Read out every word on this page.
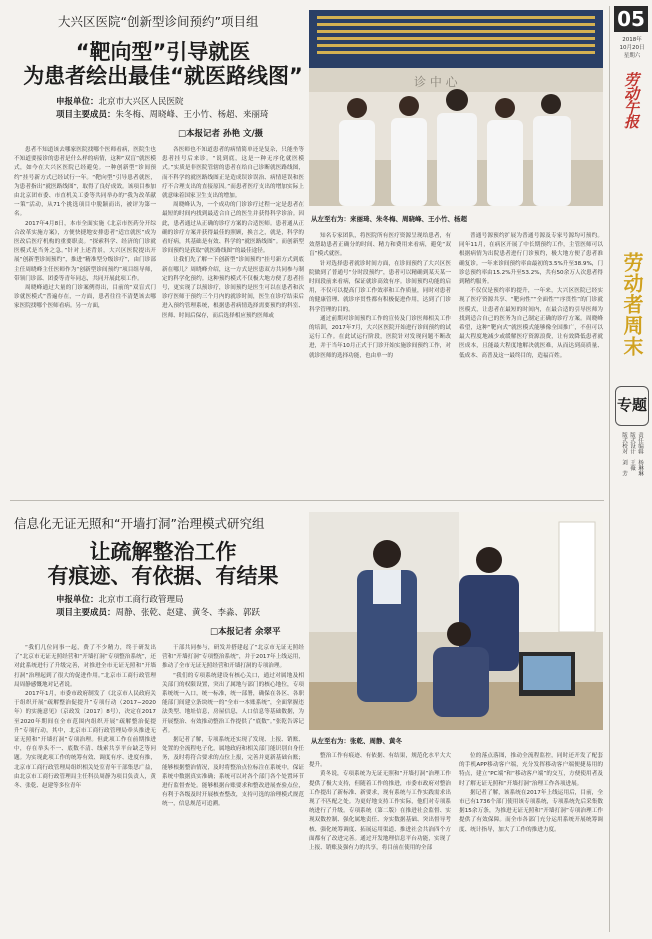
05
2018年
10月20日
星期六
劳动午报
劳动者周末
专题
责任编辑　杨琳琳
版式设计　王薇
版式校对　刘　芳
大兴区医院“创新型诊间预约”项目组
“靶向型”引导就医
为患者绘出最佳“就医路线图”
申报单位：北京市大兴区人民医院
项目主要成员：朱冬梅、周晓峰、王小竹、杨超、来丽琦
□本报记者 孙艳 文/摄
诊 中 心
从左至右为：来丽琦、朱冬梅、周晓峰、王小竹、杨超

患者不知道该去哪家医院找哪个医师看病，医院生也不知道要接诊的患者是什么样的病情，这种“双盲”就医模式，如今在大兴区医院已经避免。一种创新型“诊间预约”挂号新方式已经试行一年。“靶向型”引导患者就医，为患者指出“就医路线图”，取得了良好成效。该项目参加由北京团市委、市直机关工委等共同举办的“我为改革献一策”活动，从71个挑选项目中脱颖而出，被评为第一名。

2017年4月8日，本市全面实施《北京市医药分开综合改革实施方案》，方便快捷地安排患者“适宜就医”成为医改后医疗机构的重要职责。“探索科学、经济的门诊就医模式是当务之急。”针对上述背景，大兴区医院提出开展“创新型诊间预约”，推进“精准型分级诊疗”，由门诊部主任周晓峰主任医师作为“创新型诊间预约”项目组导师，带领门诊部、团委等青年同志，共同开展此项工作。

周晓峰通过大量的门诊案例得出，目前的“双盲式门诊就医模式”普遍存在，一方面，患者往往不清楚该去哪家医院找哪个医师看病。另一方面，

各医师也不知道患者的病情简单还是复杂，只能坐等患者挂号后来诊。“说到底，这是一种无序化就医模式。”实质是非医院管辖的患者在给自己诊断就医路线图，而不科学的就医路线图正是造成误诊误治、病情延误和医疗不合理支出的直接原因。”而患者医疗支出的增加实际上就意味着国家卫生支出的增加。

周晓峰认为，一个成功的门诊诊疗过程一定是患者在最短的时间内找到最适合自己的医生并获得科学诊治。因此，患者通过从正确的诊疗方案的合适医师。患者通从正确的诊疗方案并获得最佳的照顾，换言之，就是，科学的看好病，其基础是有效、科学的“就医路线图”。而创新型诊间预约是获取“就医路线图”的最佳途径。

让我们先了解一下创新型“诊间预约”挂号新方式到底新在哪儿？周晓峰介绍，这一方式是医患双方共同参与制定的科学化预约。这种预约模式不仅极大地方便了患者挂号，更实现了以预诊疗，诊间预约是医生可以在患者和次诊疗医师于预约三个月内的就诊时间，医生在诊疗结束后进入预约管理系统，根据患者病情选择需要预约的科室、医师、时间后保存，而后选择相应预约医师或

知名专家团队，将医院所有医疗资源呈现给患者，有效帮助患者正确分的时间、精力和费用来看病，避免“双盲”模式就医。

针对选择患者就诊时间方面，在诊间预约了大兴区医院做到了普通号“分时段预约”，患者可以精确到某天某一时间段前来看病，保证就诊高效有序。诊间预约功能的启用，不仅可以提高门诊工作效率和工作质量，同时对患者的健康管理、就诊序贯性都有积极促进作用，达到了门诊科学管理的目的。

通过前期对诊间预约工作的宣传及门诊医师相关工作的培训，2017年7月，大兴区医院开始进行诊间预约的试运行工作。在此试运行阶段，医院针对发现问题不断改进，并于当年10月正式于门诊开始实施诊间预约工作，对就诊医师的选择功能，也由单一的

普通号源预约扩展为普通号源及专家号源均可预约。同年11月，在病区开展了中长期预约工作，主管医师可以根据病情为出院患者进行门诊预约，极大地方便了患者准确复诊。一年来诊间预约率由最初的3.5%升至38.9%，门诊总预约率由15.2%升至53.2%，共有50余万人次患者得到精约服务。

不仅仅是预约率的提升，一年来，大兴区医院已经实现了医疗资源共享、“靶向性”“全面性”“序贯性”的门诊就医模式，让患者在最短的时间内，在最合适的引导医师为找到适合自己的医务为自己制定正确的诊疗方案。周晓峰希望，这种“靶向式”就医模式能够像全国推广，不但可以最大程度地减少或缓解医疗资源浪费，让有效降低患者就医成本，且能最大程度地解决就医难，从而达到高质量、低成本、高普及这一最终目的，造福百姓。

信息化无证无照和“开墙打洞”治理模式研究组
让疏解整治工作
有痕迹、有依据、有结果
申报单位：北京市工商行政管理局
项目主要成员：周静、张乾、赵建、黄冬、李淼、郭跃
□本报记者 余翠平
从左至右为：张乾、周静、黄冬

“我们几位同事一起，费了不少精力，终于研发出了“北京市无证无照经营和“开墙打洞”专项整治系统”，还对此系统进行了升级完善，对推进全市无证无照和“开墙打洞”治理起到了很大的促进作用。”北京市工商行政管理局周静感慨地对记者说。

2017年1月，市委市政府制发了《北京市人民政府关于组织开展“疏解整治促提升”专项行动（2017−2020年）的实施意见》（京政发〔2017〕8号），决定在2017至2020年期间在全市范围内组织开展“疏解整治促提升”专项行动，其中，北京市工商行政管理局牵头推进无证无照和“开墙打洞”专项治理。但此项工作在前期推进中，存在举头不一、底数不清、线索共享平台缺乏等问题。为实现此项工作的统筹有效、调度有序、进度有推，北京市工商行政管理局组织相关处室青年干部集思广益，由北京市工商行政管理局主任科员周静为项目负责人，黄冬、张乾、赵建等多位青年

干部共同参与，研发并搭建起了“北京市无证无照经营和“开墙打洞”专项整治系统”，并于2017年上线运用，推动了全市无证无照经营和开墙打洞的专项治理。

“我们的专项系统建设有核心关口，通过对属地及相关部门的权限设置，突出了属地与部门的核心地位，专项系统统一入口，统一标准，统一部署，确保在各区、各职能部门间建立条块统一的“全市一本账系统”，全面掌握违法类型、地址信息，房屋信息，人口信息等基础数据，为开展整治、有效推动整治工作提供了“底数”。”张乾告诉记者。

据记者了解，专项系统还实现了发现、上报、销账、处置的全流程电子化，属地政府和相关部门能识别自身任务，及时将符合要求的点位上报，完善并更新基础台账；能够根据整治情况，及时将整治点位标注在系统中，保证系统中数据真实准确；系统可以对各个部门各个处置环节进行监督查处。能够根据台账要求和整改进展查验点位，有利于各级及时开展核查整改，支持可选的治理模式规范统一，信息规范可追溯。

整治工作有痕迹、有依据、有结果，规范化水平大大提升。

黄冬说，专项系统为无证无照和“开墙打洞”治理工作提供了极大支持，但随着工作的推进，市委市政府对整治工作提出了新标准、新要求，现有系统与工作实践需求出现了不匹配之处。为更好地支持工作实际，他们对专项系统进行了升级。专项系统（第二版）在推进社会监督、实现双数控制、强化属地责任、夯实数据基础、突出督导考核、强化统筹调度、拓展运用渠道、推进社会共治四个方面都有了改进完善。通过开发地理信息平台功能，实现了上报、销账及强有力的共享，将目前在使用的全部

位的落点落图，推动全流程监控，同时还开发了配套的手机APP移动客户端，充分发挥移动客户端便捷易用的特点，建立“PC端”和“移动客户端”的交互，方便使用者及时了解无证无照和“开墙打洞”治理工作各项进展。

据记者了解，该系统在2017年上线运用后，目前，全市已有1736个部门使用该专项系统，专项系统先后采集数据15余万条，为推进无证无照和“开墙打洞”专项治理工作提供了有效保障。而全市各部门充分运用系统开展统筹调度、统计指导，加大了工作的推进力度。
